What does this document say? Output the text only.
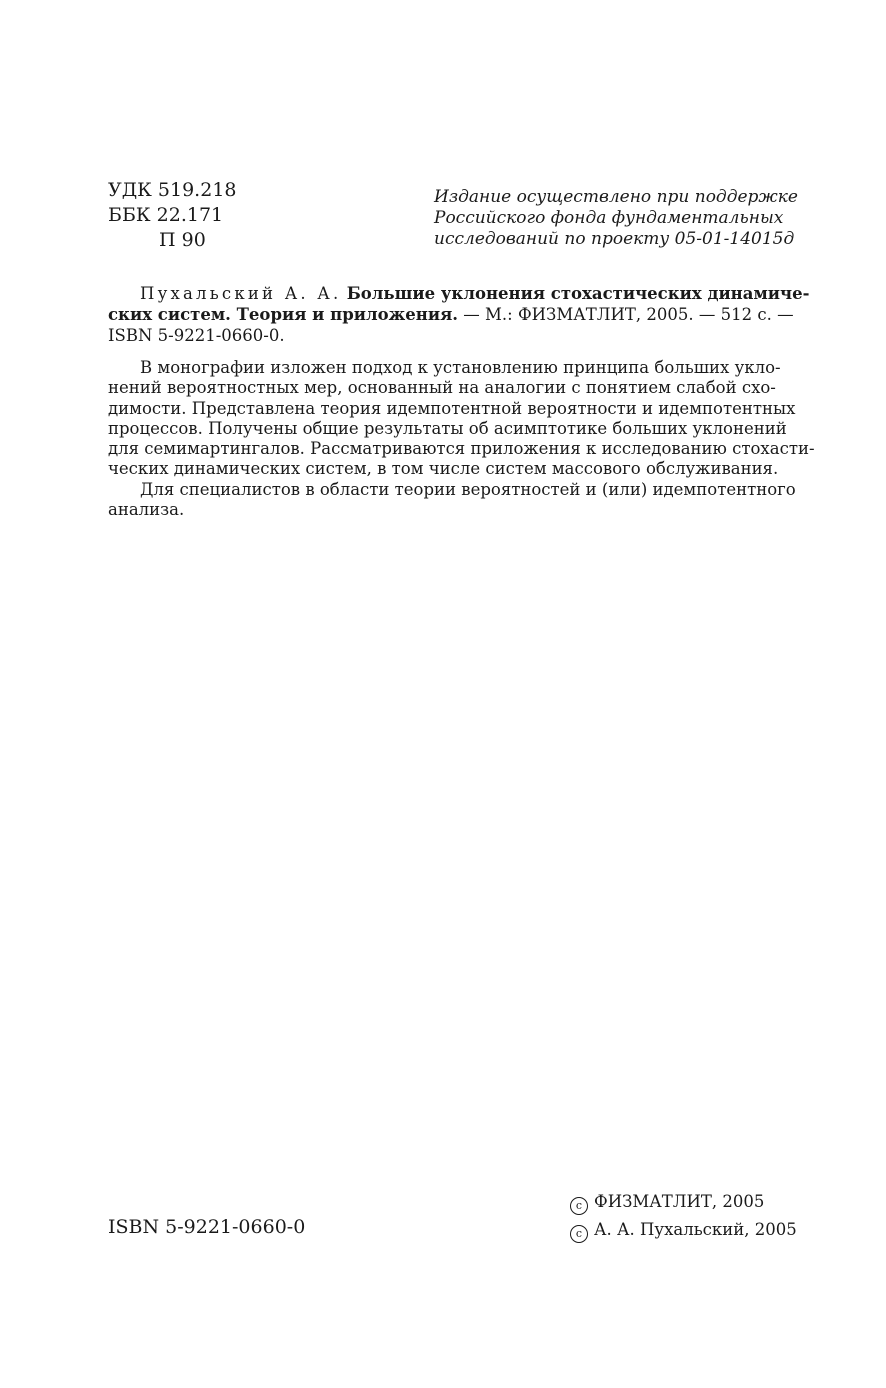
УДК 519.218
ББК 22.171
П 90
Издание осуществлено при поддержке
Российского фонда фундаментальных
исследований по проекту 05-01-14015д
Пухальский А. А. Большие уклонения стохастических динамиче-
ских систем. Теория и приложения. — М.: ФИЗМАТЛИТ, 2005. — 512 с. —
ISBN 5-9221-0660-0.
В монографии изложен подход к установлению принципа больших укло-
нений вероятностных мер, основанный на аналогии с понятием слабой схо-
димости. Представлена теория идемпотентной вероятности и идемпотентных
процессов. Получены общие результаты об асимптотике больших уклонений
для семимартингалов. Рассматриваются приложения к исследованию стохасти-
ческих динамических систем, в том числе систем массового обслуживания.
Для специалистов в области теории вероятностей и (или) идемпотентного
анализа.
ISBN 5-9221-0660-0
c ФИЗМАТЛИТ, 2005
c А. А. Пухальский, 2005
